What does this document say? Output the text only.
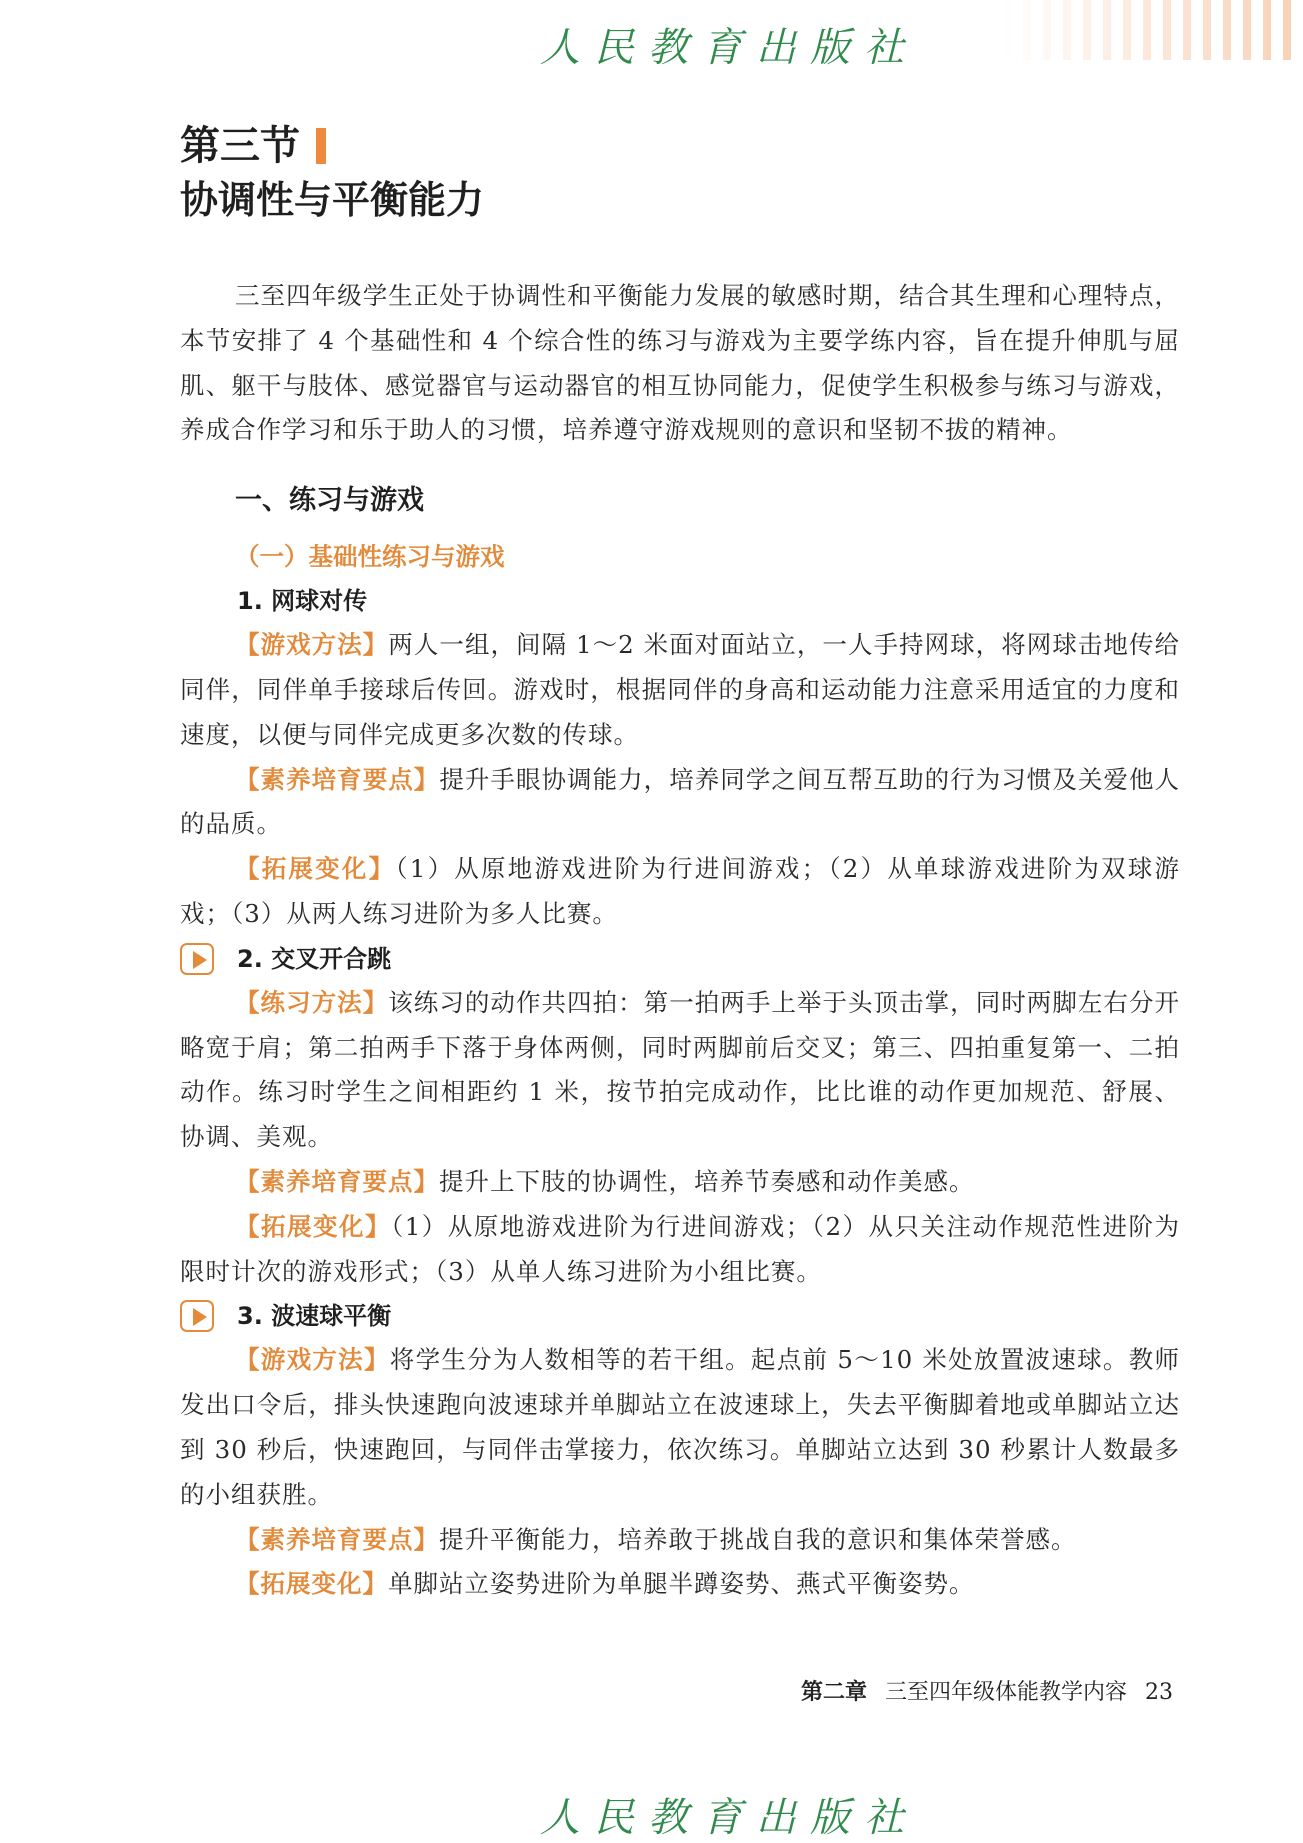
人民教育出版社
第三节
协调性与平衡能力

三至四年级学生正处于协调性和平衡能力发展的敏感时期，结合其生理和心理特点，本节安排了 4 个基础性和 4 个综合性的练习与游戏为主要学练内容，旨在提升伸肌与屈肌、躯干与肢体、感觉器官与运动器官的相互协同能力，促使学生积极参与练习与游戏，养成合作学习和乐于助人的习惯，培养遵守游戏规则的意识和坚韧不拔的精神。

一、练习与游戏
（一）基础性练习与游戏
1. 网球对传

【游戏方法】两人一组，间隔 1～2 米面对面站立，一人手持网球，将网球击地传给同伴，同伴单手接球后传回。游戏时，根据同伴的身高和运动能力注意采用适宜的力度和速度，以便与同伴完成更多次数的传球。

【素养培育要点】提升手眼协调能力，培养同学之间互帮互助的行为习惯及关爱他人的品质。

【拓展变化】（1）从原地游戏进阶为行进间游戏；（2）从单球游戏进阶为双球游戏；（3）从两人练习进阶为多人比赛。

2. 交叉开合跳

【练习方法】该练习的动作共四拍：第一拍两手上举于头顶击掌，同时两脚左右分开略宽于肩；第二拍两手下落于身体两侧，同时两脚前后交叉；第三、四拍重复第一、二拍动作。练习时学生之间相距约 1 米，按节拍完成动作，比比谁的动作更加规范、舒展、协调、美观。

【素养培育要点】提升上下肢的协调性，培养节奏感和动作美感。

【拓展变化】（1）从原地游戏进阶为行进间游戏；（2）从只关注动作规范性进阶为限时计次的游戏形式；（3）从单人练习进阶为小组比赛。

3. 波速球平衡

【游戏方法】将学生分为人数相等的若干组。起点前 5～10 米处放置波速球。教师发出口令后，排头快速跑向波速球并单脚站立在波速球上，失去平衡脚着地或单脚站立达到 30 秒后，快速跑回，与同伴击掌接力，依次练习。单脚站立达到 30 秒累计人数最多的小组获胜。

【素养培育要点】提升平衡能力，培养敢于挑战自我的意识和集体荣誉感。

【拓展变化】单脚站立姿势进阶为单腿半蹲姿势、燕式平衡姿势。

第二章 三至四年级体能教学内容 23
人民教育出版社
